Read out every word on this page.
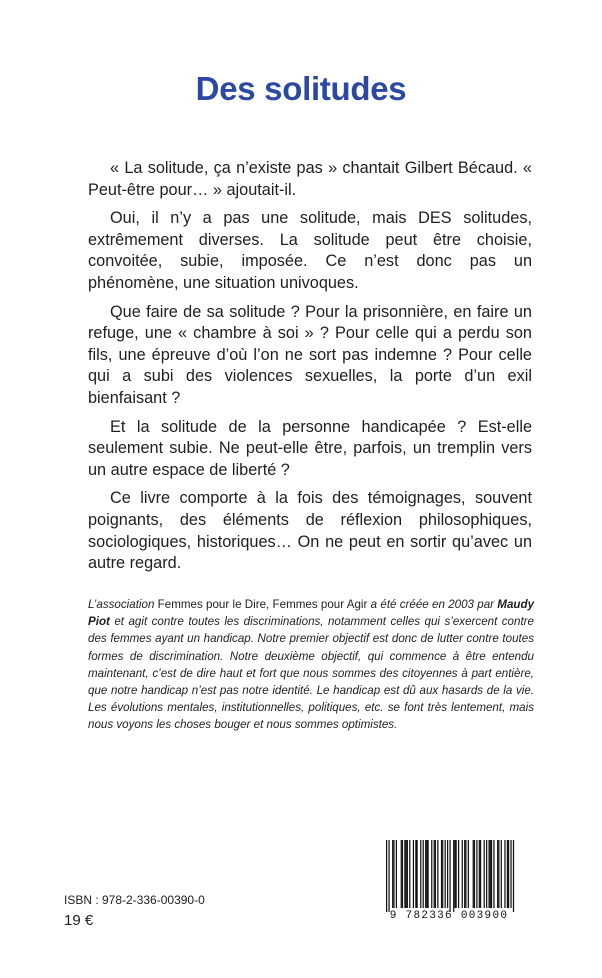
Des solitudes

« La solitude, ça n’existe pas » chantait Gilbert Bécaud. « Peut-être pour… » ajoutait-il.

Oui, il n’y a pas une solitude, mais DES solitudes, extrêmement diverses. La solitude peut être choisie, convoitée, subie, imposée. Ce n’est donc pas un phénomène, une situation univoques.

Que faire de sa solitude ? Pour la prisonnière, en faire un refuge, une « chambre à soi » ? Pour celle qui a perdu son fils, une épreuve d’où l’on ne sort pas indemne ? Pour celle qui a subi des violences sexuelles, la porte d’un exil bienfaisant ?

Et la solitude de la personne handicapée ? Est-elle seulement subie. Ne peut-elle être, parfois, un tremplin vers un autre espace de liberté ?

Ce livre comporte à la fois des témoignages, souvent poignants, des éléments de réflexion philosophiques, sociologiques, historiques… On ne peut en sortir qu’avec un autre regard.

L’association Femmes pour le Dire, Femmes pour Agir a été créée en 2003 par Maudy Piot et agit contre toutes les discriminations, notamment celles qui s’exercent contre des femmes ayant un handicap. Notre premier objectif est donc de lutter contre toutes formes de discrimination. Notre deuxième objectif, qui commence à être entendu maintenant, c’est de dire haut et fort que nous sommes des citoyennes à part entière, que notre handicap n’est pas notre identité. Le handicap est dû aux hasards de la vie. Les évolutions mentales, institutionnelles, politiques, etc. se font très lentement, mais nous voyons les choses bouger et nous sommes optimistes.
ISBN : 978-2-336-00390-0
19 €	9 782336 003900
